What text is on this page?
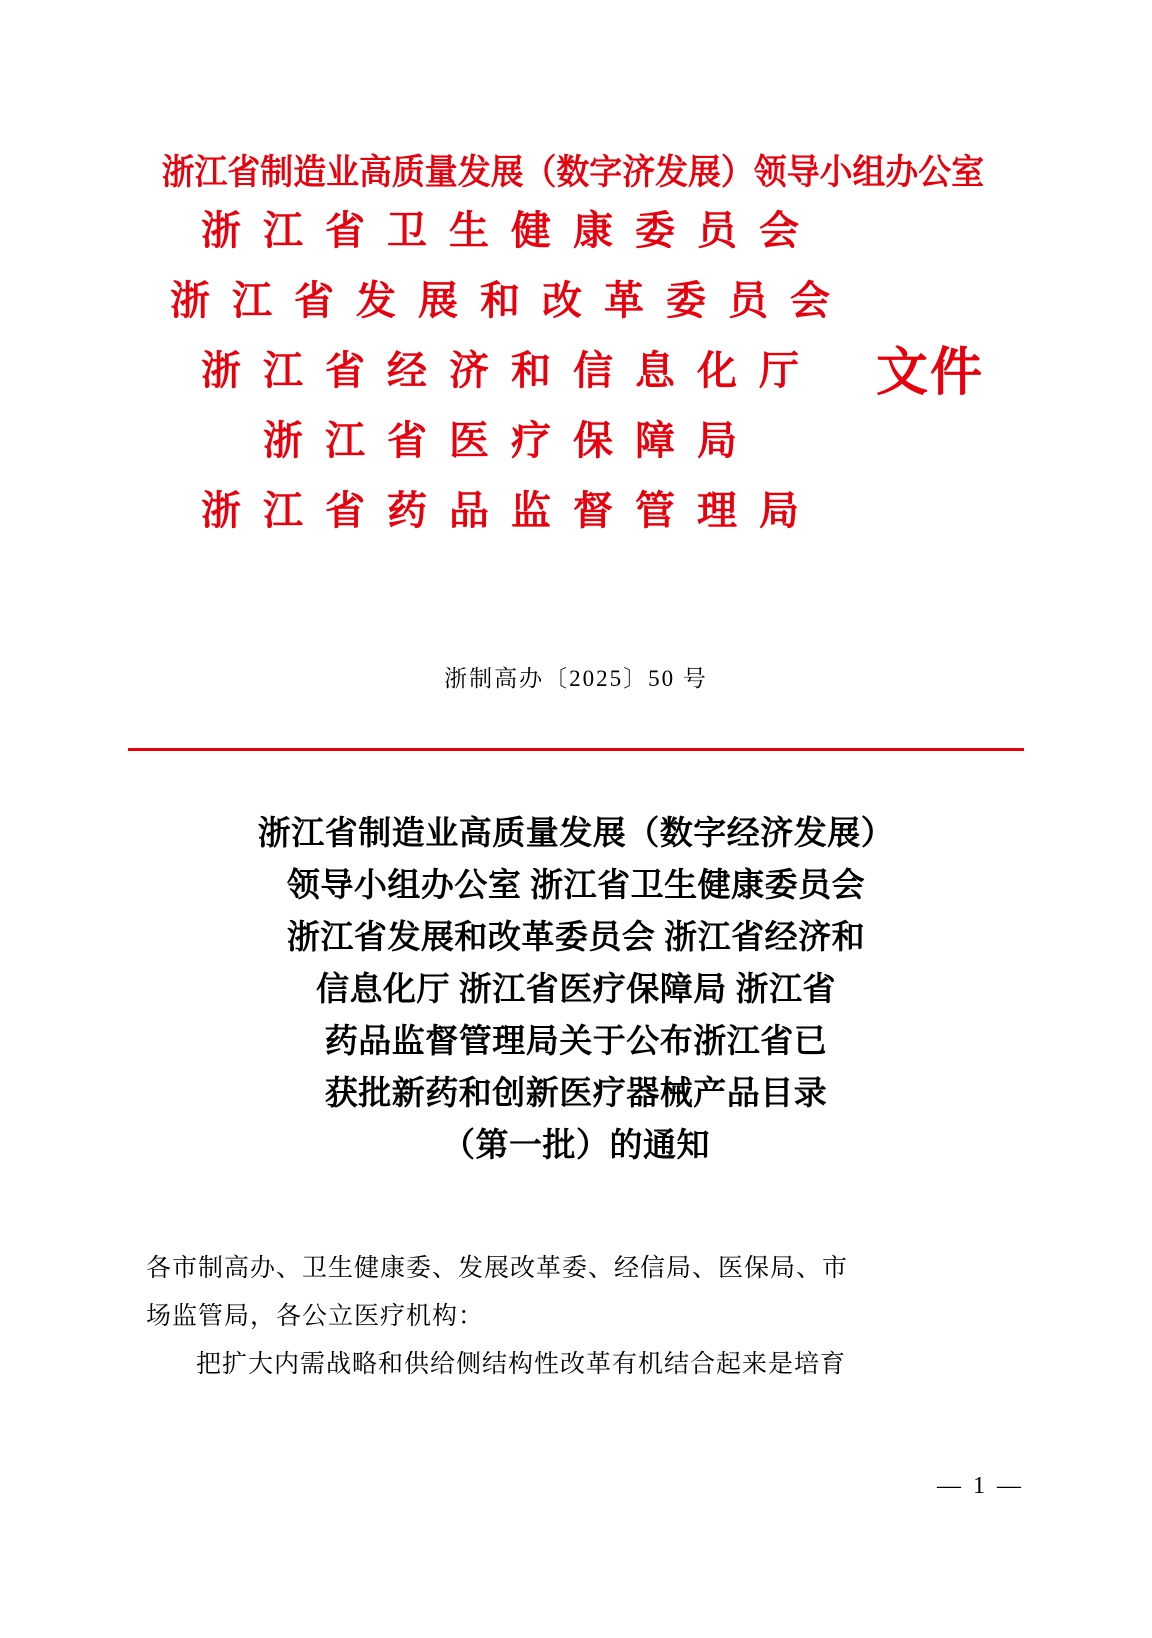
浙江省制造业高质量发展（数字济发展）领导小组办公室
浙江省卫生健康委员会
浙江省发展和改革委员会
浙江省经济和信息化厅
浙江省医疗保障局
浙江省药品监督管理局
文件
浙制高办〔2025〕50 号
浙江省制造业高质量发展（数字经济发展）
领导小组办公室 浙江省卫生健康委员会
浙江省发展和改革委员会 浙江省经济和
信息化厅 浙江省医疗保障局 浙江省
药品监督管理局关于公布浙江省已
获批新药和创新医疗器械产品目录
（第一批）的通知

各市制高办、卫生健康委、发展改革委、经信局、医保局、市

场监管局，各公立医疗机构：

把扩大内需战略和供给侧结构性改革有机结合起来是培育

— 1 —
